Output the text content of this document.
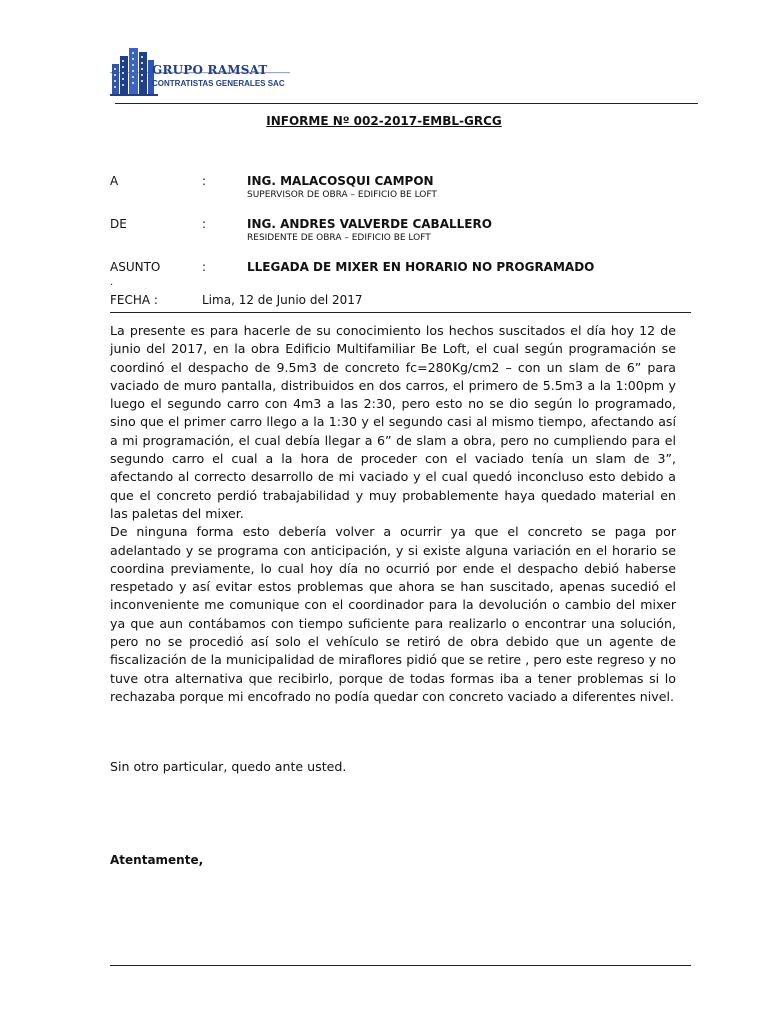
GRUPO RAMSAT
CONTRATISTAS GENERALES SAC
INFORME Nº 002-2017-EMBL-GRCG
A	:	ING. MALACOSQUI CAMPON
SUPERVISOR DE OBRA – EDIFICIO BE LOFT
DE	:	ING. ANDRES VALVERDE CABALLERO
RESIDENTE DE OBRA – EDIFICIO BE LOFT
ASUNTO	:	LLEGADA DE MIXER EN HORARIO NO PROGRAMADO
.
FECHA :	Lima, 12 de Junio del 2017

La presente es para hacerle de su conocimiento los hechos suscitados el día hoy 12 de junio del 2017, en la obra Edificio Multifamiliar Be Loft, el cual según programación se coordinó el despacho de 9.5m3 de concreto fc=280Kg/cm2 – con un slam de 6” para vaciado de muro pantalla, distribuidos en dos carros, el primero de 5.5m3 a la 1:00pm y luego el segundo carro con 4m3 a las 2:30, pero esto no se dio según lo programado, sino que el primer carro llego a la 1:30 y el segundo casi al mismo tiempo, afectando así a mi programación, el cual debía llegar a 6” de slam a obra, pero no cumpliendo para el segundo carro el cual a la hora de proceder con el vaciado tenía un slam de 3”, afectando al correcto desarrollo de mi vaciado y el cual quedó inconcluso esto debido a que el concreto perdió trabajabilidad y muy probablemente haya quedado material en las paletas del mixer.

De ninguna forma esto debería volver a ocurrir ya que el concreto se paga por adelantado y se programa con anticipación, y si existe alguna variación en el horario se coordina previamente, lo cual hoy día no ocurrió por ende el despacho debió haberse respetado y así evitar estos problemas que ahora se han suscitado, apenas sucedió el inconveniente me comunique con el coordinador para la devolución o cambio del mixer ya que aun contábamos con tiempo suficiente para realizarlo o encontrar una solución, pero no se procedió así solo el vehículo se retiró de obra debido que un agente de fiscalización de la municipalidad de miraflores pidió que se retire , pero este regreso y no tuve otra alternativa que recibirlo, porque de todas formas iba a tener problemas si lo rechazaba porque mi encofrado no podía quedar con concreto vaciado a diferentes nivel.

Sin otro particular, quedo ante usted.
Atentamente,
